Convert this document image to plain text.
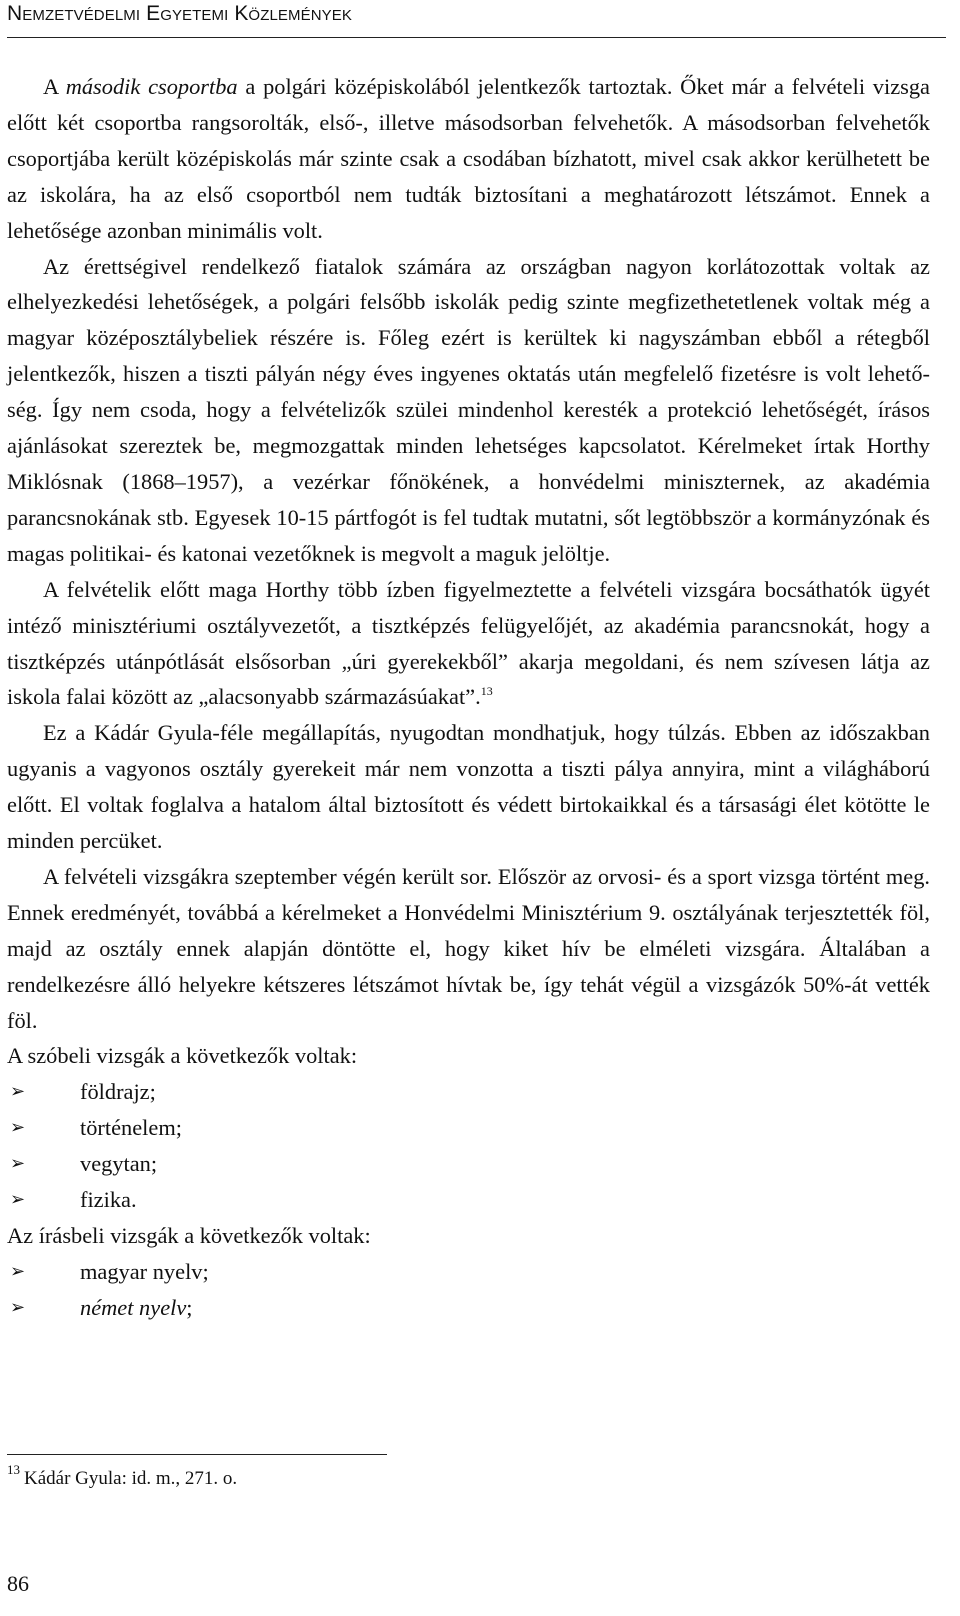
Nemzetvédelmi Egyetemi Közlemények

A második csoportba a polgári középiskolából jelentkezők tartoztak. Őket már a felvételi vizsga előtt két csoportba rangsorolták, első-, illetve másodsorban felvehetők. A másodsorban felvehetők csoportjába került középiskolás már szinte csak a csodában bízhatott, mivel csak akkor kerülhetett be az iskolára, ha az első csoportból nem tudták biztosítani a meghatározott létszámot. Ennek a lehetősége azonban minimális volt.

Az érettségivel rendelkező fiatalok számára az országban nagyon korlátozottak voltak az elhelyezkedési lehetőségek, a polgári felsőbb iskolák pedig szinte megfizethetetlenek voltak még a magyar középosztálybeliek részére is. Főleg ezért is kerültek ki nagyszámban ebből a rétegből jelentkezők, hiszen a tiszti pályán négy éves ingyenes oktatás után megfelelő fizetésre is volt lehetőség. Így nem csoda, hogy a felvételizők szülei mindenhol keresték a protekció lehetőségét, írásos ajánlásokat szereztek be, megmozgattak minden lehetséges kapcsolatot. Kérelmeket írtak Horthy Miklósnak (1868–1957), a vezérkar főnökének, a honvédelmi miniszternek, az akadémia parancsnokának stb. Egyesek 10-15 pártfogót is fel tudtak mutatni, sőt legtöbbször a kormányzónak és magas politikai- és katonai vezetőknek is megvolt a maguk jelöltje.

A felvételik előtt maga Horthy több ízben figyelmeztette a felvételi vizsgára bocsáthatók ügyét intéző minisztériumi osztályvezetőt, a tisztképzés felügyelőjét, az akadémia parancsnokát, hogy a tisztképzés utánpótlását elsősorban „úri gyerekekből” akarja megoldani, és nem szívesen látja az iskola falai között az „alacsonyabb származásúakat”.$^{13}$

Ez a Kádár Gyula-féle megállapítás, nyugodtan mondhatjuk, hogy túlzás. Ebben az időszakban ugyanis a vagyonos osztály gyerekeit már nem vonzotta a tiszti pálya annyira, mint a világháború előtt. El voltak foglalva a hatalom által biztosított és védett birtokaikkal és a társasági élet kötötte le minden percüket.

A felvételi vizsgákra szeptember végén került sor. Először az orvosi- és a sport vizsga történt meg. Ennek eredményét, továbbá a kérelmeket a Honvédelmi Minisztérium 9. osztályának terjesztették föl, majd az osztály ennek alapján döntötte el, hogy kiket hív be elméleti vizsgára. Általában a rendelkezésre álló helyekre kétszeres létszámot hívtak be, így tehát végül a vizsgázók 50%-át vették föl.

A szóbeli vizsgák a következők voltak:

➢ földrajz;
➢ történelem;
➢ vegytan;
➢ fizika.

Az írásbeli vizsgák a következők voltak:

➢ magyar nyelv;
➢ német nyelv;
$^{13}$ Kádár Gyula: id. m., 271. o.
86
